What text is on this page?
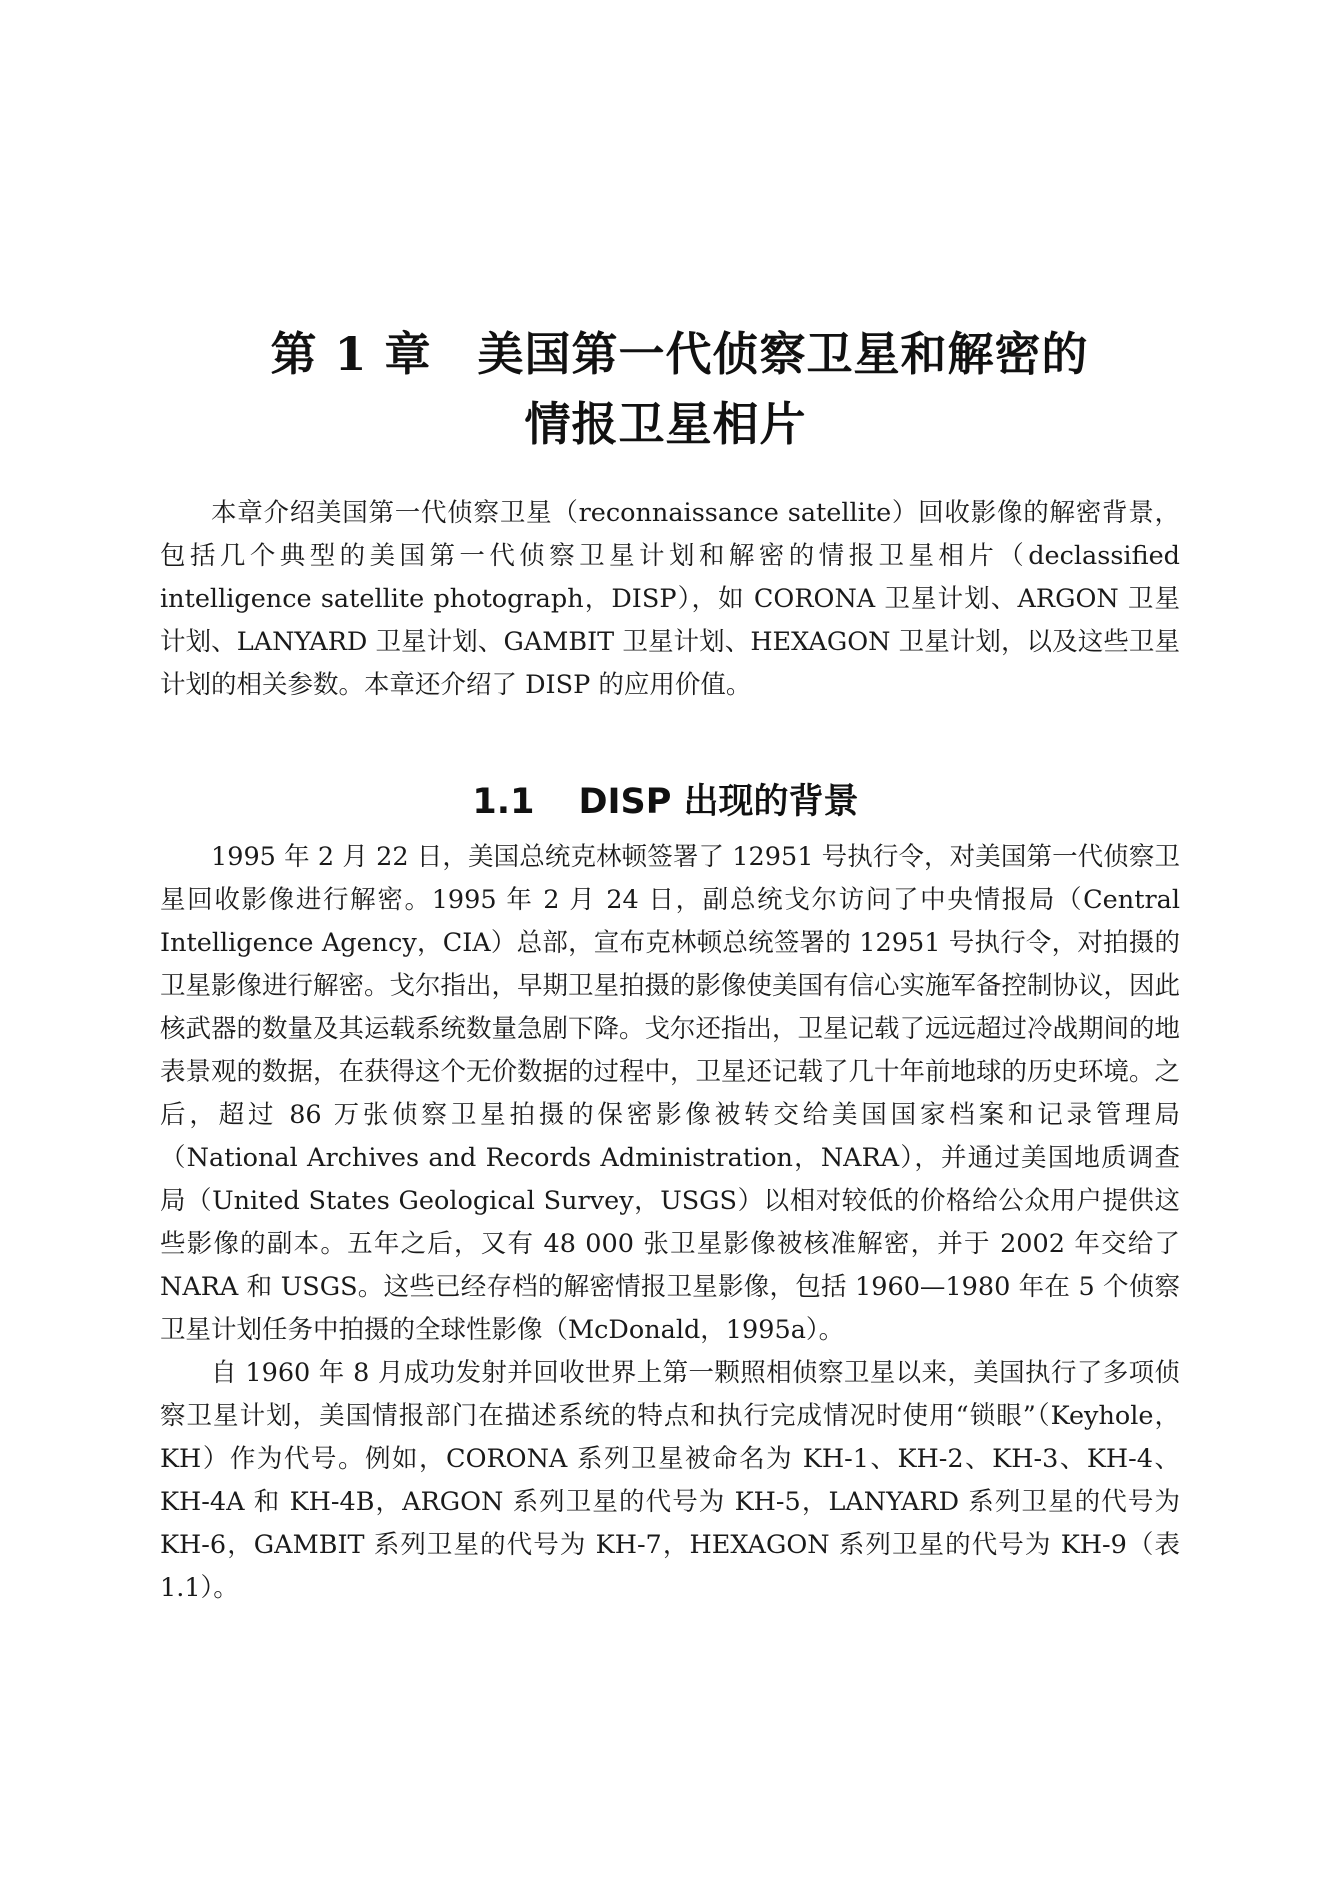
第 1 章 美国第一代侦察卫星和解密的
情报卫星相片

本章介绍美国第一代侦察卫星（reconnaissance satellite）回收影像的解密背景，包括几个典型的美国第一代侦察卫星计划和解密的情报卫星相片（declassified intelligence satellite photograph，DISP），如 CORONA 卫星计划、ARGON 卫星计划、LANYARD 卫星计划、GAMBIT 卫星计划、HEXAGON 卫星计划，以及这些卫星计划的相关参数。本章还介绍了 DISP 的应用价值。

1.1 DISP 出现的背景

1995 年 2 月 22 日，美国总统克林顿签署了 12951 号执行令，对美国第一代侦察卫星回收影像进行解密。1995 年 2 月 24 日，副总统戈尔访问了中央情报局（Central Intelligence Agency，CIA）总部，宣布克林顿总统签署的 12951 号执行令，对拍摄的卫星影像进行解密。戈尔指出，早期卫星拍摄的影像使美国有信心实施军备控制协议，因此核武器的数量及其运载系统数量急剧下降。戈尔还指出，卫星记载了远远超过冷战期间的地表景观的数据，在获得这个无价数据的过程中，卫星还记载了几十年前地球的历史环境。之后，超过 86 万张侦察卫星拍摄的保密影像被转交给美国国家档案和记录管理局（National Archives and Records Administration，NARA），并通过美国地质调查局（United States Geological Survey，USGS）以相对较低的价格给公众用户提供这些影像的副本。五年之后，又有 48 000 张卫星影像被核准解密，并于 2002 年交给了 NARA 和 USGS。这些已经存档的解密情报卫星影像，包括 1960—1980 年在 5 个侦察卫星计划任务中拍摄的全球性影像（McDonald，1995a）。

自 1960 年 8 月成功发射并回收世界上第一颗照相侦察卫星以来，美国执行了多项侦察卫星计划，美国情报部门在描述系统的特点和执行完成情况时使用“锁眼”（Keyhole，KH）作为代号。例如，CORONA 系列卫星被命名为 KH-1、KH-2、KH-3、KH-4、KH-4A 和 KH-4B，ARGON 系列卫星的代号为 KH-5，LANYARD 系列卫星的代号为 KH-6，GAMBIT 系列卫星的代号为 KH-7，HEXAGON 系列卫星的代号为 KH-9（表 1.1）。
